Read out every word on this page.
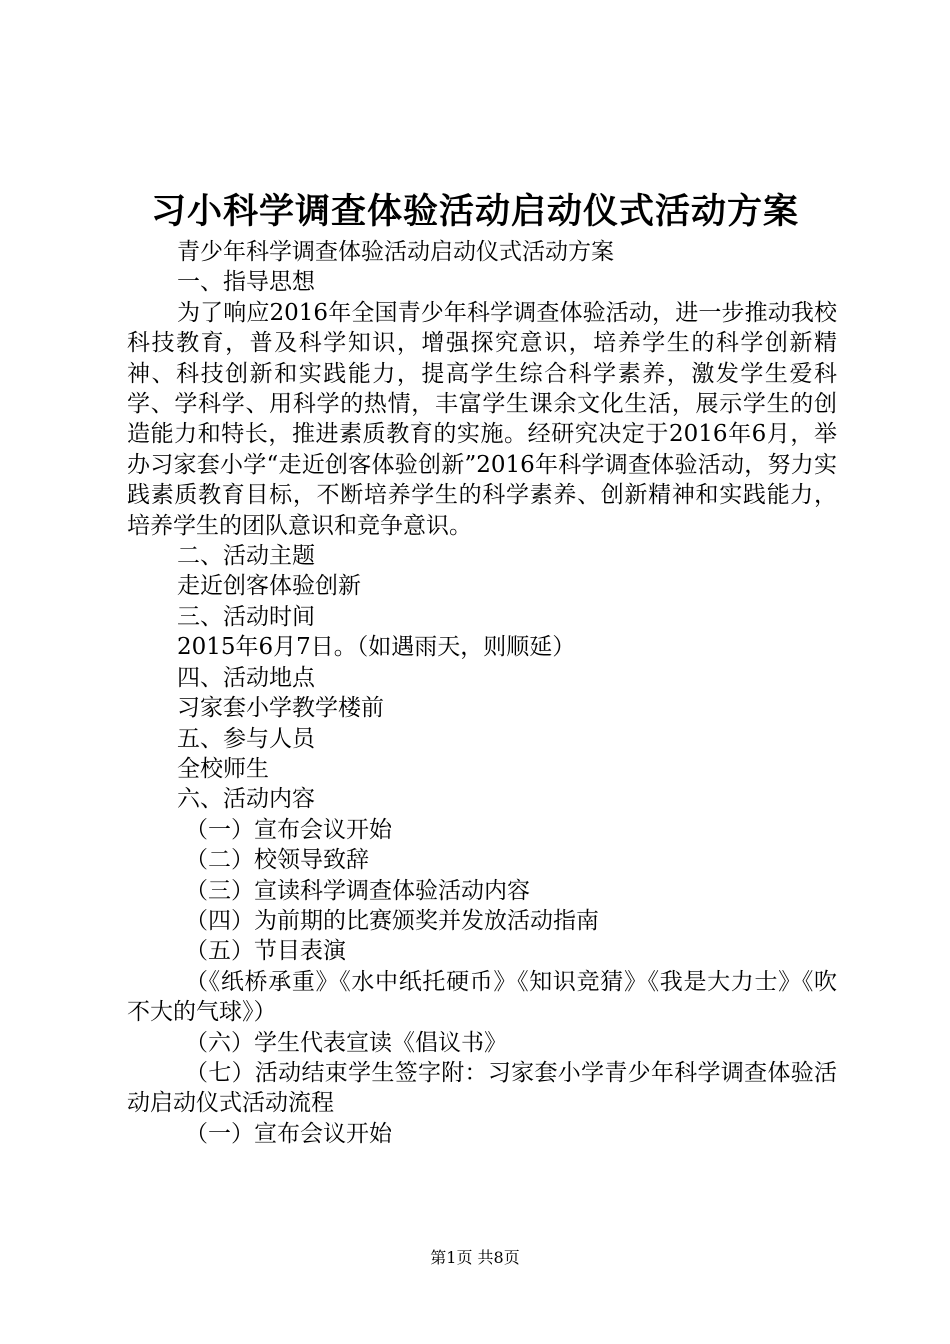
习小科学调查体验活动启动仪式活动方案

青少年科学调查体验活动启动仪式活动方案

一、指导思想

为了响应2016年全国青少年科学调查体验活动，进一步推动我校科技教育，普及科学知识，增强探究意识，培养学生的科学创新精神、科技创新和实践能力，提高学生综合科学素养，激发学生爱科学、学科学、用科学的热情，丰富学生课余文化生活，展示学生的创造能力和特长，推进素质教育的实施。经研究决定于2016年6月，举办习家套小学“走近创客体验创新”2016年科学调查体验活动，努力实践素质教育目标，不断培养学生的科学素养、创新精神和实践能力，培养学生的团队意识和竞争意识。

二、活动主题

走近创客体验创新

三、活动时间

2015年6月7日。（如遇雨天，则顺延）

四、活动地点

习家套小学教学楼前

五、参与人员

全校师生

六、活动内容

（一）宣布会议开始

（二）校领导致辞

（三）宣读科学调查体验活动内容

（四）为前期的比赛颁奖并发放活动指南

（五）节目表演

（《纸桥承重》《水中纸托硬币》《知识竞猜》《我是大力士》《吹不大的气球》）

（六）学生代表宣读《倡议书》

（七）活动结束学生签字附：习家套小学青少年科学调查体验活动启动仪式活动流程

（一）宣布会议开始

第1页 共8页
